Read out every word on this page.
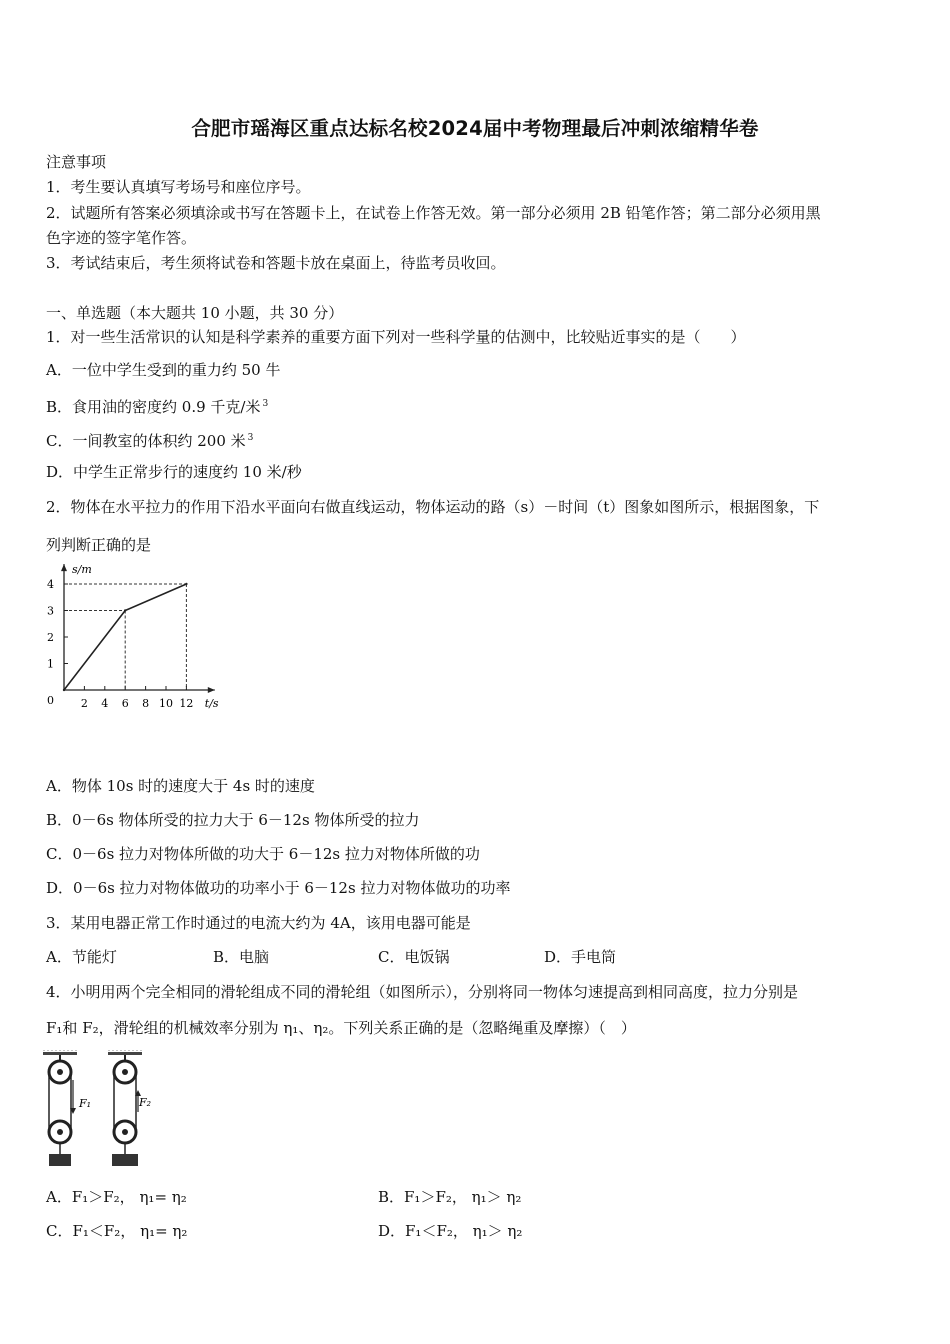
合肥市瑶海区重点达标名校2024届中考物理最后冲刺浓缩精华卷
注意事项
1．考生要认真填写考场号和座位序号。
2．试题所有答案必须填涂或书写在答题卡上，在试卷上作答无效。第一部分必须用 2B 铅笔作答；第二部分必须用黑
色字迹的签字笔作答。
3．考试结束后，考生须将试卷和答题卡放在桌面上，待监考员收回。
一、单选题（本大题共 10 小题，共 30 分）
1．对一些生活常识的认知是科学素养的重要方面下列对一些科学量的估测中，比较贴近事实的是（　　）
A．一位中学生受到的重力约 50 牛
B．食用油的密度约 0.9 千克/米 $^3$
C．一间教室的体积约 200 米 $^3$
D．中学生正常步行的速度约 10 米/秒
2．物体在水平拉力的作用下沿水平面向右做直线运动，物体运动的路（s）－时间（t）图象如图所示，根据图象，下
列判断正确的是
2 4 6 8 10 12
1
2
3
4
0	t/s
s/m
A．物体 10s 时的速度大于 4s 时的速度
B．0－6s 物体所受的拉力大于 6－12s 物体所受的拉力
C．0－6s 拉力对物体所做的功大于 6－12s 拉力对物体所做的功
D．0－6s 拉力对物体做功的功率小于 6－12s 拉力对物体做功的功率
3．某用电器正常工作时通过的电流大约为 4A，该用电器可能是
A．节能灯	B．电脑	C．电饭锅	D．手电筒
4．小明用两个完全相同的滑轮组成不同的滑轮组（如图所示），分别将同一物体匀速提高到相同高度，拉力分别是
F₁和 F₂，滑轮组的机械效率分别为 η₁、η₂。下列关系正确的是（忽略绳重及摩擦）（　）
F₁	F₂
A．F₁＞F₂， η₁= η₂	B．F₁＞F₂， η₁＞ η₂
C．F₁＜F₂， η₁= η₂	D．F₁＜F₂， η₁＞ η₂
